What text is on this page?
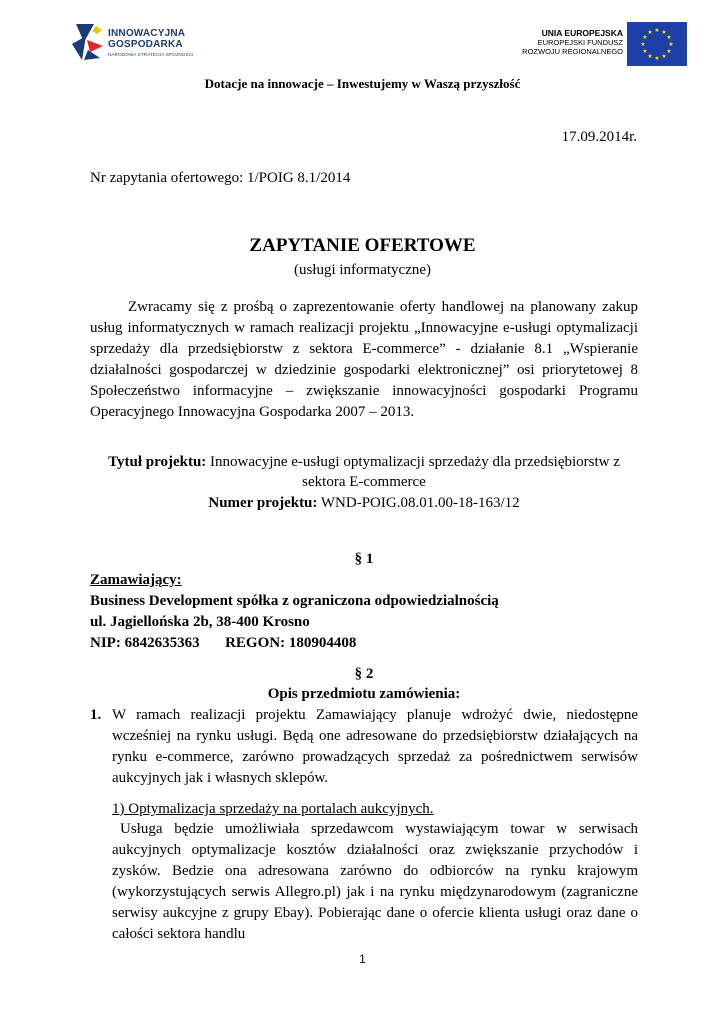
INNOWACYJNA
GOSPODARKA
NARODOWA STRATEGIA SPÓJNOŚCI
UNIA EUROPEJSKA
EUROPEJSKI FUNDUSZ
ROZWOJU REGIONALNEGO
★ ★
★
★
★
★
★
★
★
★
★
★
Dotacje na innowacje – Inwestujemy w Waszą przyszłość
17.09.2014r.
Nr zapytania ofertowego: 1/POIG 8.1/2014
ZAPYTANIE OFERTOWE
(usługi informatyczne)
Zwracamy się z prośbą o zaprezentowanie oferty handlowej na planowany zakup usług informatycznych w ramach realizacji projektu „Innowacyjne e-usługi optymalizacji sprzedaży dla przedsiębiorstw z sektora E-commerce” - działanie 8.1 „Wspieranie działalności gospodarczej w dziedzinie gospodarki elektronicznej” osi priorytetowej 8 Społeczeństwo informacyjne – zwiększanie innowacyjności gospodarki Programu Operacyjnego Innowacyjna Gospodarka 2007 – 2013.
Tytuł projektu: Innowacyjne e-usługi optymalizacji sprzedaży dla przedsiębiorstw z sektora E-commerce
Numer projektu: WND-POIG.08.01.00-18-163/12
§ 1
Zamawiający:
Business Development spółka z ograniczona odpowiedzialnością
ul. Jagiellońska 2b, 38-400 Krosno
NIP: 6842635363 REGON: 180904408
§ 2
Opis przedmiotu zamówienia:
1. W ramach realizacji projektu Zamawiający planuje wdrożyć dwie, niedostępne wcześniej na rynku usługi. Będą one adresowane do przedsiębiorstw działających na rynku e-commerce, zarówno prowadzących sprzedaż za pośrednictwem serwisów aukcyjnych jak i własnych sklepów.
1) Optymalizacja sprzedaży na portalach aukcyjnych.
Usługa będzie umożliwiała sprzedawcom wystawiającym towar w serwisach aukcyjnych optymalizacje kosztów działalności oraz zwiększanie przychodów i zysków. Bedzie ona adresowana zarówno do odbiorców na rynku krajowym (wykorzystujących serwis Allegro.pl) jak i na rynku międzynarodowym (zagraniczne serwisy aukcyjne z grupy Ebay). Pobierając dane o ofercie klienta usługi oraz dane o całości sektora handlu
1
